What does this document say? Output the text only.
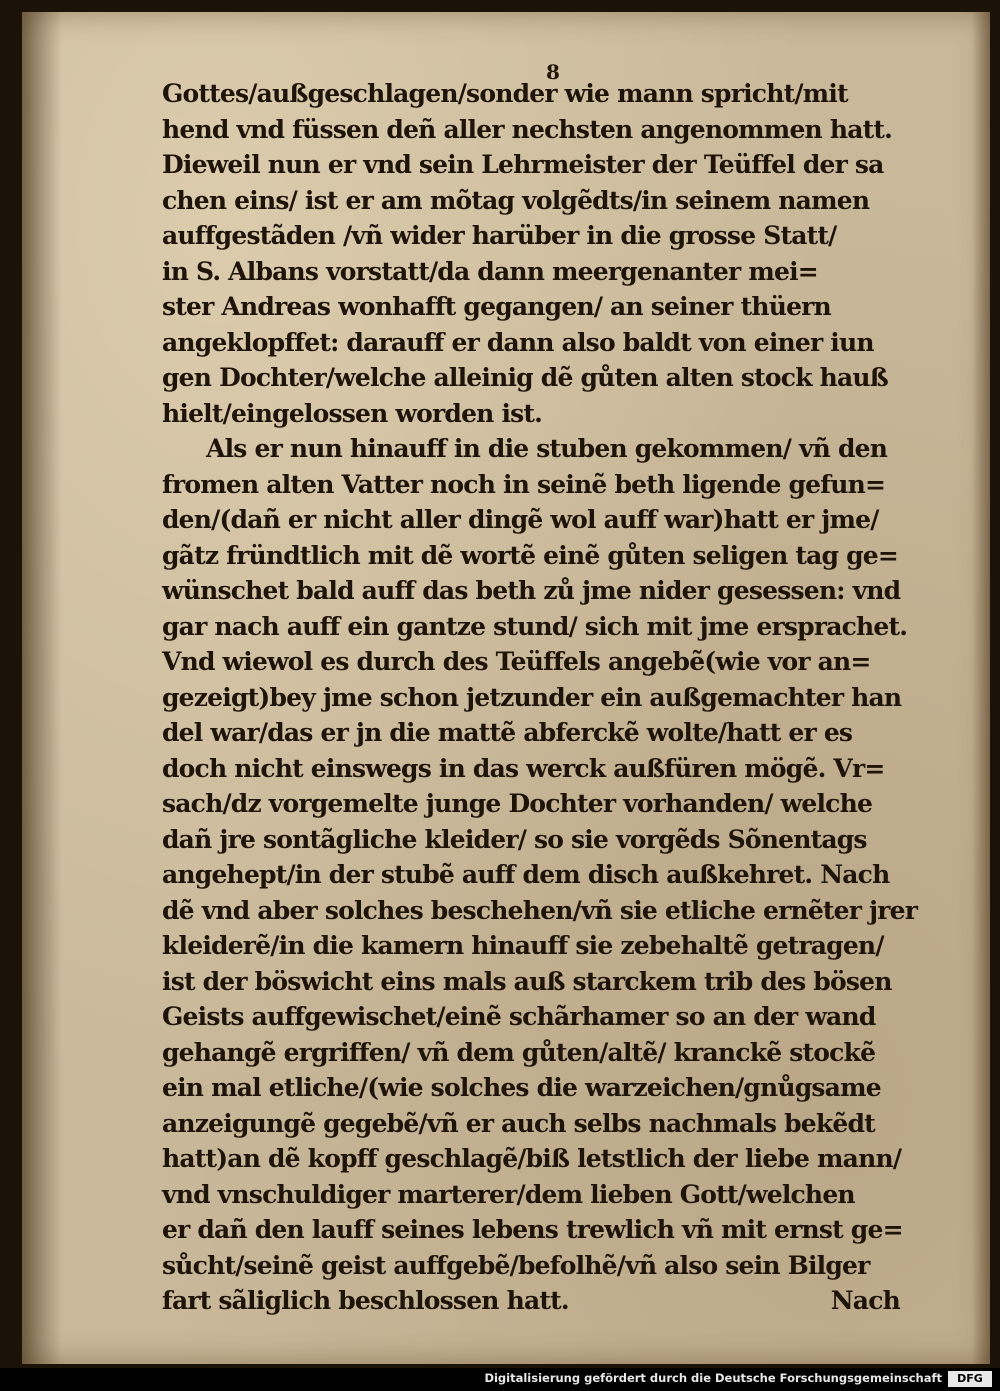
8
Gottes/außgeschlagen/sonder wie mann spricht/mit
hend vnd füssen deñ aller nechsten angenommen hatt.
Dieweil nun er vnd sein Lehrmeister der Teüffel der sa
chen eins/ ist er am mõtag volgẽdts/in seinem namen
auffgestãden /vñ wider harüber in die grosse Statt/
in S. Albans vorstatt/da dann meergenanter mei=
ster Andreas wonhafft gegangen/ an seiner thüern
angeklopffet: darauff er dann also baldt von einer iun
gen Dochter/welche alleinig dẽ gůten alten stock hauß
hielt/eingelossen worden ist.
Als er nun hinauff in die stuben gekommen/ vñ den
fromen alten Vatter noch in seinẽ beth ligende gefun=
den/(dañ er nicht aller dingẽ wol auff war)hatt er jme/
gãtz fründtlich mit dẽ wortẽ einẽ gůten seligen tag ge=
wünschet bald auff das beth zů jme nider gesessen: vnd
gar nach auff ein gantze stund/ sich mit jme ersprachet.
Vnd wiewol es durch des Teüffels angebẽ(wie vor an=
gezeigt)bey jme schon jetzunder ein außgemachter han
del war/das er jn die mattẽ abferckẽ wolte/hatt er es
doch nicht einswegs in das werck außfüren mögẽ. Vr=
sach/dz vorgemelte junge Dochter vorhanden/ welche
dañ jre sontãgliche kleider/ so sie vorgẽds Sõnentags
angehept/in der stubẽ auff dem disch außkehret. Nach
dẽ vnd aber solches beschehen/vñ sie etliche ernẽter jrer
kleiderẽ/in die kamern hinauff sie zebehaltẽ getragen/
ist der böswicht eins mals auß starckem trib des bösen
Geists auffgewischet/einẽ schãrhamer so an der wand
gehangẽ ergriffen/ vñ dem gůten/altẽ/ kranckẽ stockẽ
ein mal etliche/(wie solches die warzeichen/gnůgsame
anzeigungẽ gegebẽ/vñ er auch selbs nachmals bekẽdt
hatt)an dẽ kopff geschlagẽ/biß letstlich der liebe mann/
vnd vnschuldiger marterer/dem lieben Gott/welchen
er dañ den lauff seines lebens trewlich vñ mit ernst ge=
sůcht/seinẽ geist auffgebẽ/befolhẽ/vñ also sein Bilger
fart sãliglich beschlossen hatt.	Nach
Digitalisierung gefördert durch die Deutsche Forschungsgemeinschaft	DFG
